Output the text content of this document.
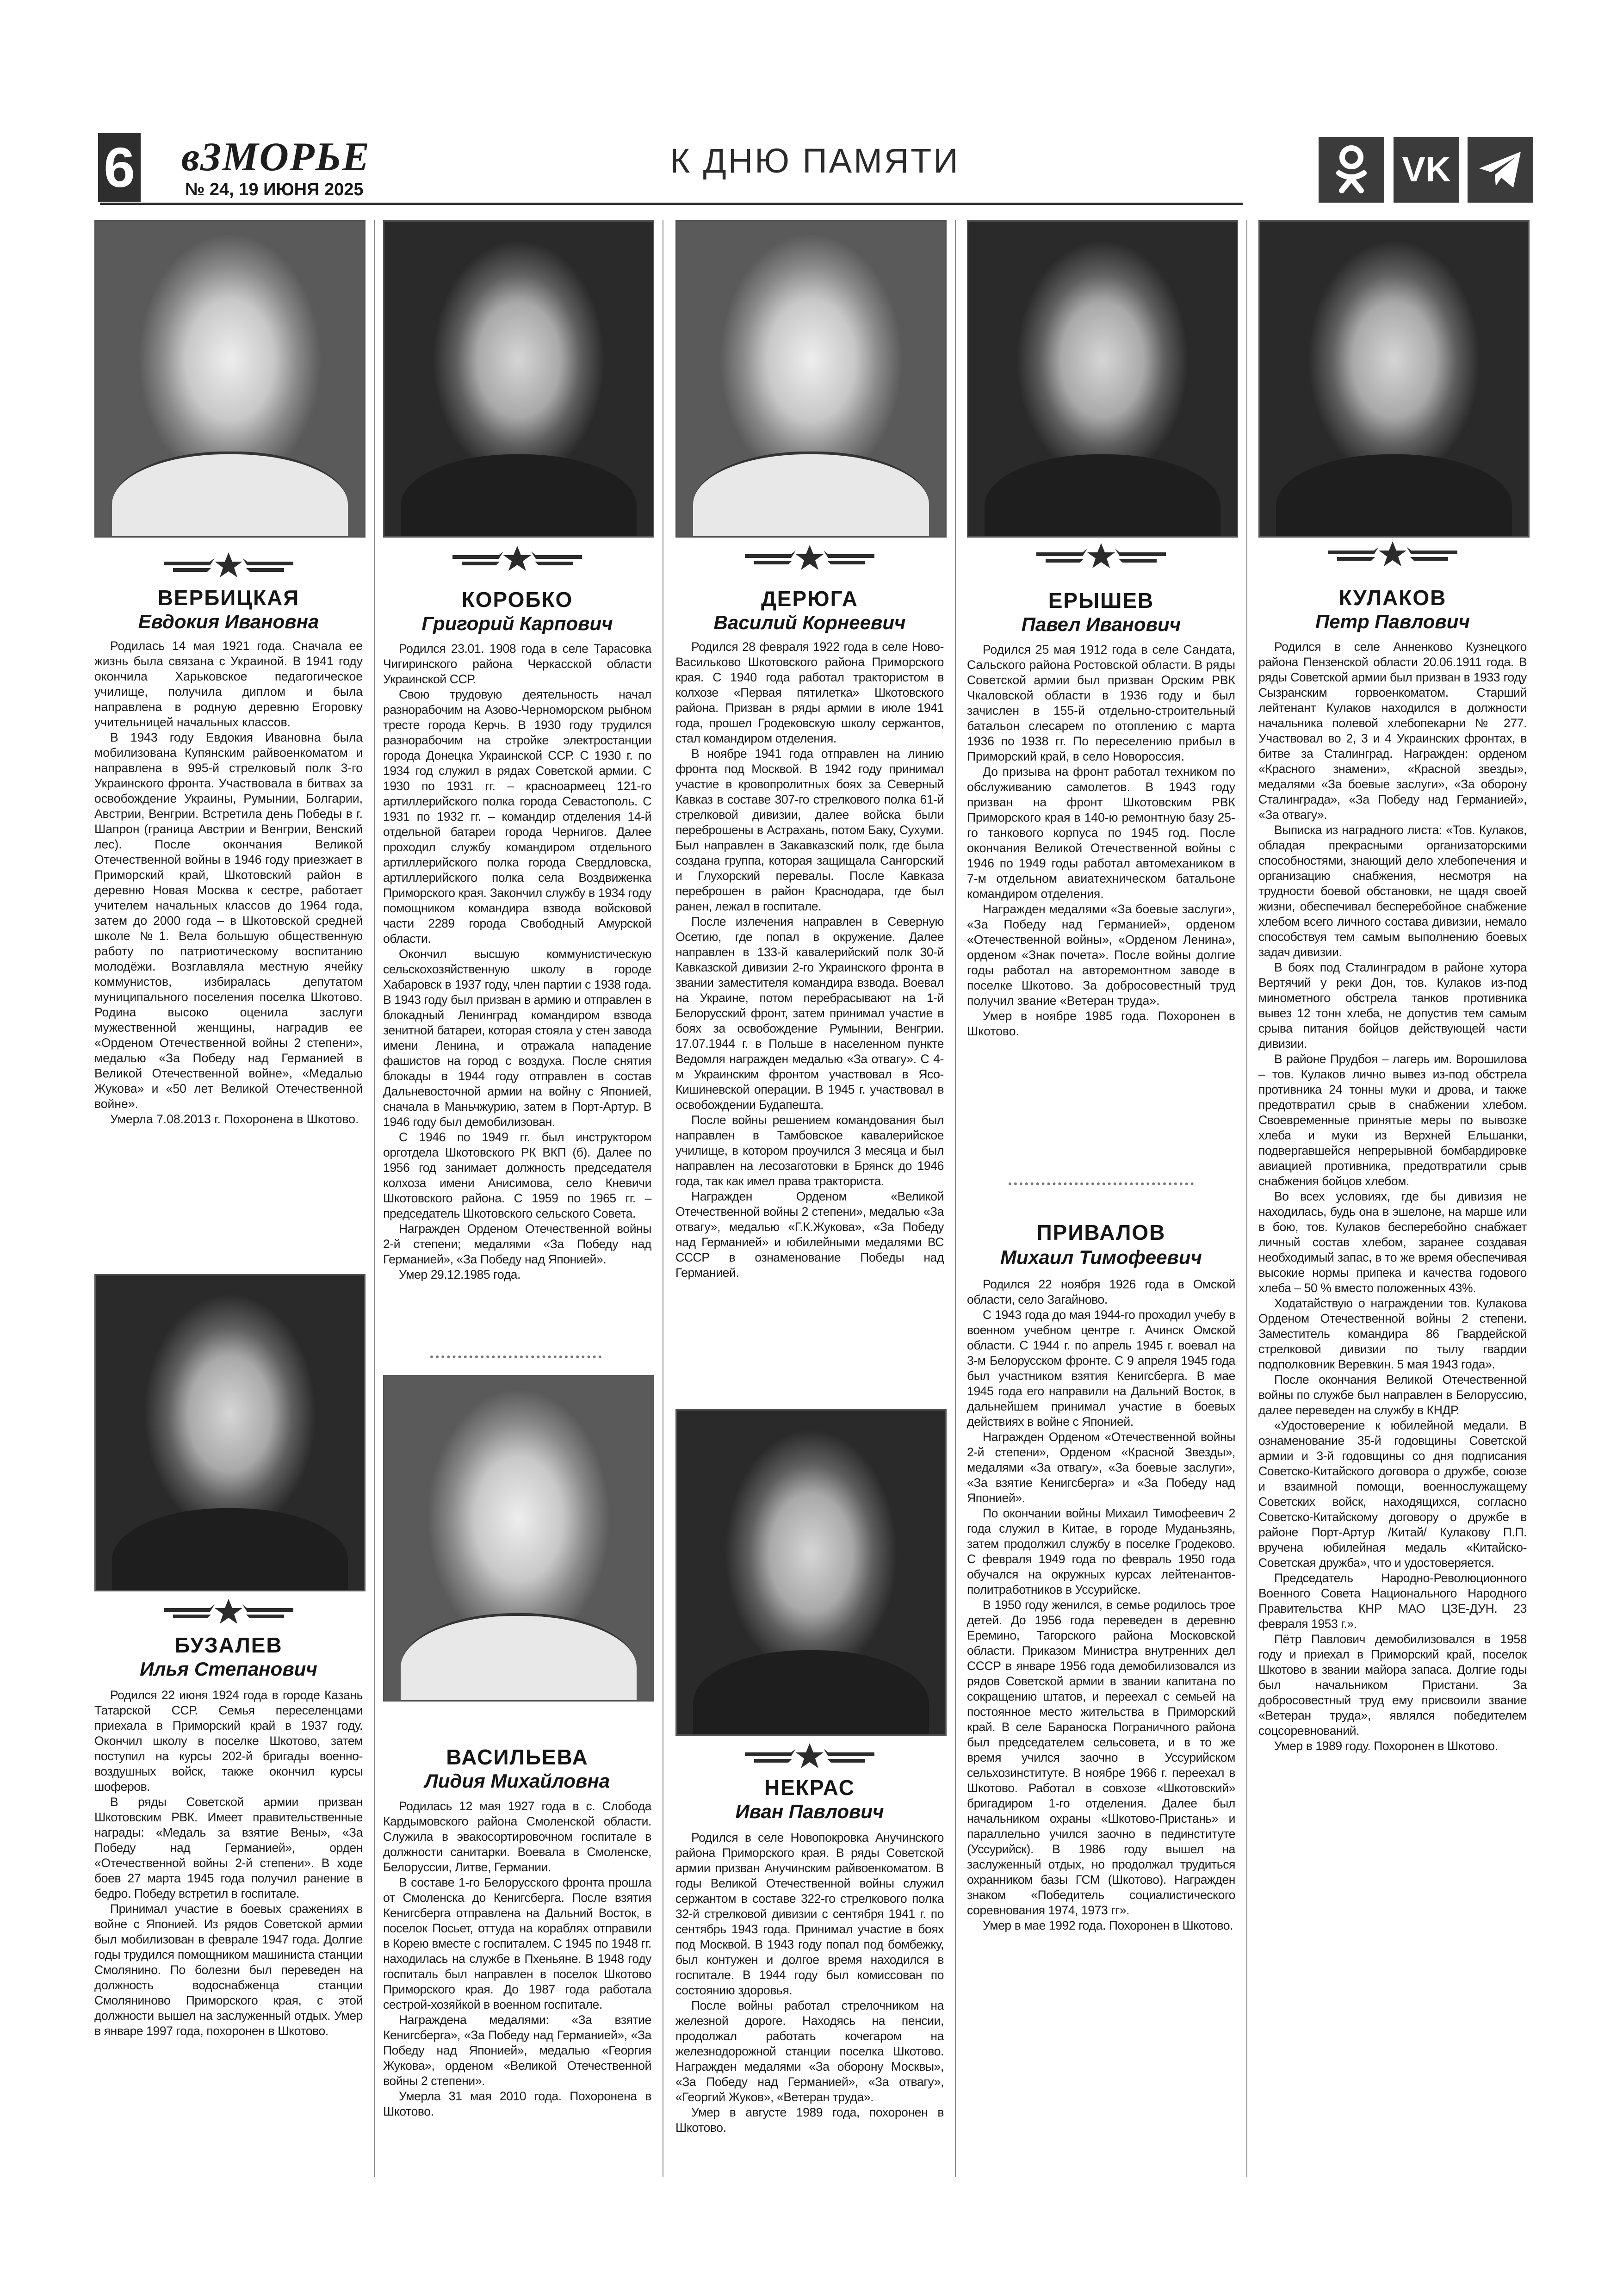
6 вЗМОРЬЕ
№ 24, 19 ИЮНЯ 2025
К ДНЮ ПАМЯТИ	VK
ВЕРБИЦКАЯ
Евдокия Ивановна

Родилась 14 мая 1921 года. Сначала ее жизнь была связана с Украиной. В 1941 году окончила Харьковское педагогическое училище, получила диплом и была направлена в родную деревню Егоровку учительницей начальных классов.

В 1943 году Евдокия Ивановна была мобилизована Купянским райвоенкоматом и направлена в 995-й стрелковый полк 3-го Украинского фронта. Участвовала в битвах за освобождение Украины, Румынии, Болгарии, Австрии, Венгрии. Встретила день Победы в г. Шапрон (граница Австрии и Венгрии, Венский лес). После окончания Великой Отечественной войны в 1946 году приезжает в Приморский край, Шкотовский район в деревню Новая Москва к сестре, работает учителем начальных классов до 1964 года, затем до 2000 года – в Шкотовской средней школе №1. Вела большую общественную работу по патриотическому воспитанию молодёжи. Возглавляла местную ячейку коммунистов, избиралась депутатом муниципального поселения поселка Шкотово. Родина высоко оценила заслуги мужественной женщины, наградив ее «Орденом Отечественной войны 2 степени», медалью «За Победу над Германией в Великой Отечественной войне», «Медалью Жукова» и «50 лет Великой Отечественной войне».

Умерла 7.08.2013 г. Похоронена в Шкотово.

БУЗАЛЕВ
Илья Степанович

Родился 22 июня 1924 года в городе Казань Татарской ССР. Семья переселенцами приехала в Приморский край в 1937 году. Окончил школу в поселке Шкотово, затем поступил на курсы 202-й бригады военно-воздушных войск, также окончил курсы шоферов.

В ряды Советской армии призван Шкотовским РВК. Имеет правительственные награды: «Медаль за взятие Вены», «За Победу над Германией», орден «Отечественной войны 2-й степени». В ходе боев 27 марта 1945 года получил ранение в бедро. Победу встретил в госпитале.

Принимал участие в боевых сражениях в войне с Японией. Из рядов Советской армии был мобилизован в феврале 1947 года. Долгие годы трудился помощником машиниста станции Смолянино. По болезни был переведен на должность водоснабженца станции Смоляниново Приморского края, с этой должности вышел на заслуженный отдых. Умер в январе 1997 года, похоронен в Шкотово.

КОРОБКО
Григорий Карпович

Родился 23.01. 1908 года в селе Тарасовка Чигиринского района Черкасской области Украинской ССР.

Свою трудовую деятельность начал разнорабочим на Азово-Черноморском рыбном тресте города Керчь. В 1930 году трудился разнорабочим на стройке электростанции города Донецка Украинской ССР. С 1930 г. по 1934 год служил в рядах Советской армии. С 1930 по 1931 гг. – красноармеец 121-го артиллерийского полка города Севастополь. С 1931 по 1932 гг. – командир отделения 14-й отдельной батареи города Чернигов. Далее проходил службу командиром отдельного артиллерийского полка города Свердловска, артиллерийского полка села Воздвиженка Приморского края. Закончил службу в 1934 году помощником командира взвода войсковой части 2289 города Свободный Амурской области.

Окончил высшую коммунистическую сельскохозяйственную школу в городе Хабаровск в 1937 году, член партии с 1938 года. В 1943 году был призван в армию и отправлен в блокадный Ленинград командиром взвода зенитной батареи, которая стояла у стен завода имени Ленина, и отражала нападение фашистов на город с воздуха. После снятия блокады в 1944 году отправлен в состав Дальневосточной армии на войну с Японией, сначала в Маньчжурию, затем в Порт-Артур. В 1946 году был демобилизован.

С 1946 по 1949 гг. был инструктором орготдела Шкотовского РК ВКП (б). Далее по 1956 год занимает должность председателя колхоза имени Анисимова, село Кневичи Шкотовского района. С 1959 по 1965 гг. – председатель Шкотовского сельского Совета.

Награжден Орденом Отечественной войны 2-й степени; медалями «За Победу над Германией», «За Победу над Японией».

Умер 29.12.1985 года.

ВАСИЛЬЕВА
Лидия Михайловна

Родилась 12 мая 1927 года в с. Слобода Кардымовского района Смоленской области. Служила в эвакосортировочном госпитале в должности санитарки. Воевала в Смоленске, Белоруссии, Литве, Германии.

В составе 1-го Белорусского фронта прошла от Смоленска до Кенигсберга. После взятия Кенигсберга отправлена на Дальний Восток, в поселок Посьет, оттуда на кораблях отправили в Корею вместе с госпиталем. С 1945 по 1948 гг. находилась на службе в Пхеньяне. В 1948 году госпиталь был направлен в поселок Шкотово Приморского края. До 1987 года работала сестрой-хозяйкой в военном госпитале.

Награждена медалями: «За взятие Кенигсберга», «За Победу над Германией», «За Победу над Японией», медалью «Георгия Жукова», орденом «Великой Отечественной войны 2 степени».

Умерла 31 мая 2010 года. Похоронена в Шкотово.

ДЕРЮГА
Василий Корнеевич

Родился 28 февраля 1922 года в селе Ново-Васильково Шкотовского района Приморского края. С 1940 года работал трактористом в колхозе «Первая пятилетка» Шкотовского района. Призван в ряды армии в июле 1941 года, прошел Гродековскую школу сержантов, стал командиром отделения.

В ноябре 1941 года отправлен на линию фронта под Москвой. В 1942 году принимал участие в кровопролитных боях за Северный Кавказ в составе 307-го стрелкового полка 61-й стрелковой дивизии, далее войска были переброшены в Астрахань, потом Баку, Сухуми. Был направлен в Закавказский полк, где была создана группа, которая защищала Сангорский и Глухорский перевалы. После Кавказа переброшен в район Краснодара, где был ранен, лежал в госпитале.

После излечения направлен в Северную Осетию, где попал в окружение. Далее направлен в 133-й кавалерийский полк 30-й Кавказской дивизии 2-го Украинского фронта в звании заместителя командира взвода. Воевал на Украине, потом перебрасывают на 1-й Белорусский фронт, затем принимал участие в боях за освобождение Румынии, Венгрии. 17.07.1944 г. в Польше в населенном пункте Ведомля награжден медалью «За отвагу». С 4-м Украинским фронтом участвовал в Ясо-Кишиневской операции. В 1945 г. участвовал в освобождении Будапешта.

После войны решением командования был направлен в Тамбовское кавалерийское училище, в котором проучился 3 месяца и был направлен на лесозаготовки в Брянск до 1946 года, так как имел права тракториста.

Награжден Орденом «Великой Отечественной войны 2 степени», медалью «За отвагу», медалью «Г.К.Жукова», «За Победу над Германией» и юбилейными медалями ВС СССР в ознаменование Победы над Германией.

НЕКРАС
Иван Павлович

Родился в селе Новопокровка Анучинского района Приморского края. В ряды Советской армии призван Анучинским райвоенкоматом. В годы Великой Отечественной войны служил сержантом в составе 322-го стрелкового полка 32-й стрелковой дивизии с сентября 1941 г. по сентябрь 1943 года. Принимал участие в боях под Москвой. В 1943 году попал под бомбежку, был контужен и долгое время находился в госпитале. В 1944 году был комиссован по состоянию здоровья.

После войны работал стрелочником на железной дороге. Находясь на пенсии, продолжал работать кочегаром на железнодорожной станции поселка Шкотово. Награжден медалями «За оборону Москвы», «За Победу над Германией», «За отвагу», «Георгий Жуков», «Ветеран труда».

Умер в августе 1989 года, похоронен в Шкотово.

ЕРЫШЕВ
Павел Иванович

Родился 25 мая 1912 года в селе Сандата, Сальского района Ростовской области. В ряды Советской армии был призван Орским РВК Чкаловской области в 1936 году и был зачислен в 155-й отдельно-строительный батальон слесарем по отоплению с марта 1936 по 1938 гг. По переселению прибыл в Приморский край, в село Новороссия.

До призыва на фронт работал техником по обслуживанию самолетов. В 1943 году призван на фронт Шкотовским РВК Приморского края в 140-ю ремонтную базу 25-го танкового корпуса по 1945 год. После окончания Великой Отечественной войны с 1946 по 1949 годы работал автомехаником в 7-м отдельном авиатехническом батальоне командиром отделения.

Награжден медалями «За боевые заслуги», «За Победу над Германией», орденом «Отечественной войны», «Орденом Ленина», орденом «Знак почета». После войны долгие годы работал на авторемонтном заводе в поселке Шкотово. За добросовестный труд получил звание «Ветеран труда».

Умер в ноябре 1985 года. Похоронен в Шкотово.

ПРИВАЛОВ
Михаил Тимофеевич

Родился 22 ноября 1926 года в Омской области, село Загайново.

С 1943 года до мая 1944-го проходил учебу в военном учебном центре г. Ачинск Омской области. С 1944 г. по апрель 1945 г. воевал на 3-м Белорусском фронте. С 9 апреля 1945 года был участником взятия Кенигсберга. В мае 1945 года его направили на Дальний Восток, в дальнейшем принимал участие в боевых действиях в войне с Японией.

Награжден Орденом «Отечественной войны 2-й степени», Орденом «Красной Звезды», медалями «За отвагу», «За боевые заслуги», «За взятие Кенигсберга» и «За Победу над Японией».

По окончании войны Михаил Тимофеевич 2 года служил в Китае, в городе Муданьзянь, затем продолжил службу в поселке Гродеково. С февраля 1949 года по февраль 1950 года обучался на окружных курсах лейтенантов-политработников в Уссурийске.

В 1950 году женился, в семье родилось трое детей. До 1956 года переведен в деревню Еремино, Тагорского района Московской области. Приказом Министра внутренних дел СССР в январе 1956 года демобилизовался из рядов Советской армии в звании капитана по сокращению штатов, и переехал с семьей на постоянное место жительства в Приморский край. В селе Бараноска Пограничного района был председателем сельсовета, и в то же время учился заочно в Уссурийском сельхозинституте. В ноябре 1966 г. переехал в Шкотово. Работал в совхозе «Шкотовский» бригадиром 1-го отделения. Далее был начальником охраны «Шкотово-Пристань» и параллельно учился заочно в пединституте (Уссурийск). В 1986 году вышел на заслуженный отдых, но продолжал трудиться охранником базы ГСМ (Шкотово). Награжден знаком «Победитель социалистического соревнования 1974, 1973 гг».

Умер в мае 1992 года. Похоронен в Шкотово.

КУЛАКОВ
Петр Павлович

Родился в селе Анненково Кузнецкого района Пензенской области 20.06.1911 года. В ряды Советской армии был призван в 1933 году Сызранским горвоенкоматом. Старший лейтенант Кулаков находился в должности начальника полевой хлебопекарни № 277. Участвовал во 2, 3 и 4 Украинских фронтах, в битве за Сталинград. Награжден: орденом «Красного знамени», «Красной звезды», медалями «За боевые заслуги», «За оборону Сталинграда», «За Победу над Германией», «За отвагу».

Выписка из наградного листа: «Тов. Кулаков, обладая прекрасными организаторскими способностями, знающий дело хлебопечения и организацию снабжения, несмотря на трудности боевой обстановки, не щадя своей жизни, обеспечивал бесперебойное снабжение хлебом всего личного состава дивизии, немало способствуя тем самым выполнению боевых задач дивизии.

В боях под Сталинградом в районе хутора Вертячий у реки Дон, тов. Кулаков из-под минометного обстрела танков противника вывез 12 тонн хлеба, не допустив тем самым срыва питания бойцов действующей части дивизии.

В районе Прудбоя – лагерь им. Ворошилова – тов. Кулаков лично вывез из-под обстрела противника 24 тонны муки и дрова, и также предотвратил срыв в снабжении хлебом. Своевременные принятые меры по вывозке хлеба и муки из Верхней Ельшанки, подвергавшейся непрерывной бомбардировке авиацией противника, предотвратили срыв снабжения бойцов хлебом.

Во всех условиях, где бы дивизия не находилась, будь она в эшелоне, на марше или в бою, тов. Кулаков бесперебойно снабжает личный состав хлебом, заранее создавая необходимый запас, в то же время обеспечивая высокие нормы припека и качества годового хлеба – 50 % вместо положенных 43%.

Ходатайствую о награждении тов. Кулакова Орденом Отечественной войны 2 степени. Заместитель командира 86 Гвардейской стрелковой дивизии по тылу гвардии подполковник Веревкин. 5 мая 1943 года».

После окончания Великой Отечественной войны по службе был направлен в Белоруссию, далее переведен на службу в КНДР.

«Удостоверение к юбилейной медали. В ознаменование 35-й годовщины Советской армии и 3-й годовщины со дня подписания Советско-Китайского договора о дружбе, союзе и взаимной помощи, военнослужащему Советских войск, находящихся, согласно Советско-Китайскому договору о дружбе в районе Порт-Артур /Китай/ Кулакову П.П. вручена юбилейная медаль «Китайско-Советская дружба», что и удостоверяется.

Председатель Народно-Революционного Военного Совета Национального Народного Правительства КНР МАО ЦЗЕ-ДУН. 23 февраля 1953 г.».

Пётр Павлович демобилизовался в 1958 году и приехал в Приморский край, поселок Шкотово в звании майора запаса. Долгие годы был начальником Пристани. За добросовестный труд ему присвоили звание «Ветеран труда», являлся победителем соцсоревнований.

Умер в 1989 году. Похоронен в Шкотово.
